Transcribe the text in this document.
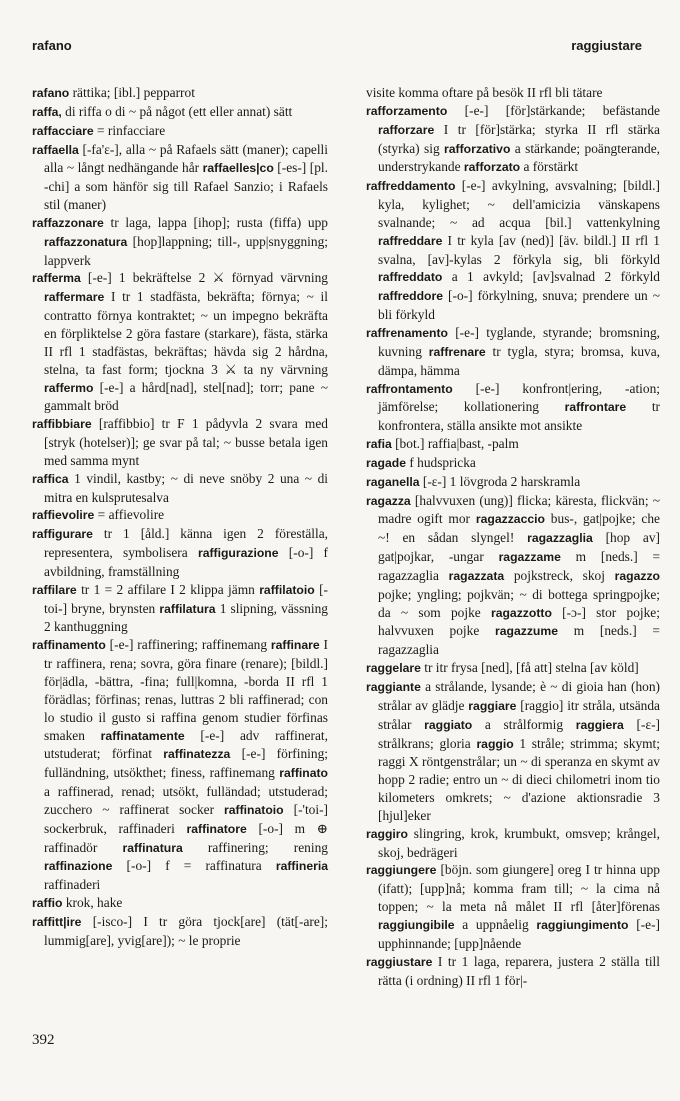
rafano	raggiustare

rafano rättika; [ibl.] pepparrot

raffa, di riffa o di ~ på något (ett eller annat) sätt

raffacciare = rinfacciare

raffaella [-fa'ɛ-], alla ~ på Rafaels sätt (maner); capelli alla ~ långt nedhängande hår raffaelles|co [-es-] [pl. -chi] a som hänför sig till Rafael Sanzio; i Rafaels stil (maner)

raffazzonare tr laga, lappa [ihop]; rusta (fiffa) upp raffazzonatura [hop]lappning; till-, upp|snyggning; lappverk

rafferma [-e-] 1 bekräftelse 2 ⚔ förnyad värvning raffermare I tr 1 stadfästa, bekräfta; förnya; ~ il contratto förnya kontraktet; ~ un impegno bekräfta en förpliktelse 2 göra fastare (starkare), fästa, stärka II rfl 1 stadfästas, bekräftas; hävda sig 2 hårdna, stelna, ta fast form; tjockna 3 ⚔ ta ny värvning raffermo [-e-] a hård[nad], stel[nad]; torr; pane ~ gammalt bröd

raffibbiare [raffibbio] tr F 1 pådyvla 2 svara med [stryk (hotelser)]; ge svar på tal; ~ busse betala igen med samma mynt

raffica 1 vindil, kastby; ~ di neve snöby 2 una ~ di mitra en kulsprutesalva

raffievolire = affievolire

raffigurare tr 1 [åld.] känna igen 2 föreställa, representera, symbolisera raffigurazione [-o-] f avbildning, framställning

raffilare tr 1 = 2 affilare I 2 klippa jämn raffilatoio [-toi-] bryne, brynsten raffilatura 1 slipning, vässning 2 kanthuggning

raffinamento [-e-] raffinering; raffinemang raffinare I tr raffinera, rena; sovra, göra finare (renare); [bildl.] för|ädla, -bättra, -fina; full|komna, -borda II rfl 1 förädlas; förfinas; renas, luttras 2 bli raffinerad; con lo studio il gusto si raffina genom studier förfinas smaken raffinatamente [-e-] adv raffinerat, utstuderat; förfinat raffinatezza [-e-] förfining; fulländning, utsökthet; finess, raffinemang raffinato a raffinerad, renad; utsökt, fulländad; utstuderad; zucchero ~ raffinerat socker raffinatoio [-'toi-] sockerbruk, raffinaderi raffinatore [-o-] m ⊕ raffinadör raffinatura raffinering; rening raffinazione [-o-] f = raffinatura raffineria raffinaderi

raffio krok, hake

raffitt|ire [-isco-] I tr göra tjock[are] (tät[-are]; lummig[are], yvig[are]); ~ le proprie

visite komma oftare på besök II rfl bli tätare

rafforzamento [-e-] [för]stärkande; befästande rafforzare I tr [för]stärka; styrka II rfl stärka (styrka) sig rafforzativo a stärkande; poängterande, understrykande rafforzato a förstärkt

raffreddamento [-e-] avkylning, avsvalning; [bildl.] kyla, kylighet; ~ dell'amicizia vänskapens svalnande; ~ ad acqua [bil.] vattenkylning raffreddare I tr kyla [av (ned)] [äv. bildl.] II rfl 1 svalna, [av]-kylas 2 förkyla sig, bli förkyld raffreddato a 1 avkyld; [av]svalnad 2 förkyld raffreddore [-o-] förkylning, snuva; prendere un ~ bli förkyld

raffrenamento [-e-] tyglande, styrande; bromsning, kuvning raffrenare tr tygla, styra; bromsa, kuva, dämpa, hämma

raffrontamento [-e-] konfront|ering, -ation; jämförelse; kollationering raffrontare tr konfrontera, ställa ansikte mot ansikte

rafia [bot.] raffia|bast, -palm

ragade f hudspricka

raganella [-ɛ-] 1 lövgroda 2 harskramla

ragazza [halvvuxen (ung)] flicka; käresta, flickvän; ~ madre ogift mor ragazzaccio bus-, gat|pojke; che ~! en sådan slyngel! ragazzaglia [hop av] gat|pojkar, -ungar ragazzame m [neds.] = ragazzaglia ragazzata pojkstreck, skoj ragazzo pojke; yngling; pojkvän; ~ di bottega springpojke; da ~ som pojke ragazzotto [-ɔ-] stor pojke; halvvuxen pojke ragazzume m [neds.] = ragazzaglia

raggelare tr itr frysa [ned], [få att] stelna [av köld]

raggiante a strålande, lysande; è ~ di gioia han (hon) strålar av glädje raggiare [raggio] itr stråla, utsända strålar raggiato a strålformig raggiera [-ɛ-] strålkrans; gloria raggio 1 stråle; strimma; skymt; raggi X röntgenstrålar; un ~ di speranza en skymt av hopp 2 radie; entro un ~ di dieci chilometri inom tio kilometers omkrets; ~ d'azione aktionsradie 3 [hjul]eker

raggiro slingring, krok, krumbukt, omsvep; krångel, skoj, bedrägeri

raggiungere [böjn. som giungere] oreg I tr hinna upp (ifatt); [upp]nå; komma fram till; ~ la cima nå toppen; ~ la meta nå målet II rfl [åter]förenas raggiungibile a uppnåelig raggiungimento [-e-] upphinnande; [upp]nående

raggiustare I tr 1 laga, reparera, justera 2 ställa till rätta (i ordning) II rfl 1 för|-

392
